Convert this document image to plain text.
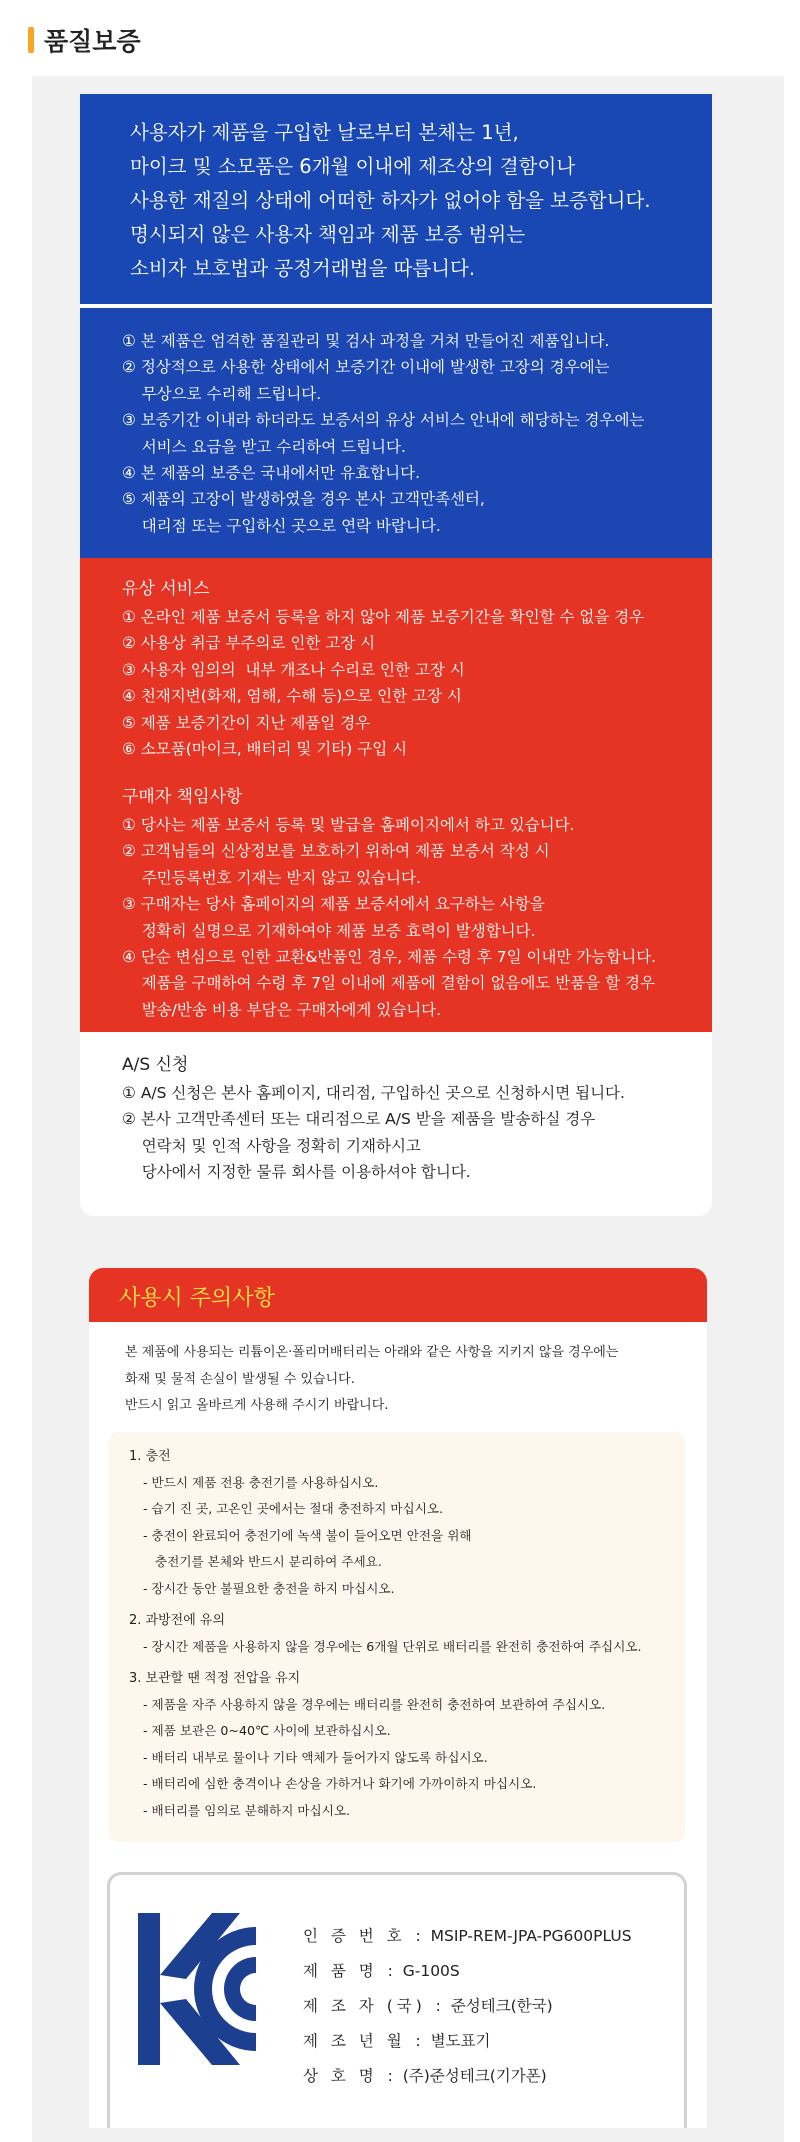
품질보증
사용자가 제품을 구입한 날로부터 본체는 1년,
마이크 및 소모품은 6개월 이내에 제조상의 결함이나
사용한 재질의 상태에 어떠한 하자가 없어야 함을 보증합니다.
명시되지 않은 사용자 책임과 제품 보증 범위는
소비자 보호법과 공정거래법을 따릅니다.
① 본 제품은 엄격한 품질관리 및 검사 과정을 거쳐 만들어진 제품입니다.
② 정상적으로 사용한 상태에서 보증기간 이내에 발생한 고장의 경우에는
무상으로 수리해 드립니다.
③ 보증기간 이내라 하더라도 보증서의 유상 서비스 안내에 해당하는 경우에는
서비스 요금을 받고 수리하여 드립니다.
④ 본 제품의 보증은 국내에서만 유효합니다.
⑤ 제품의 고장이 발생하였을 경우 본사 고객만족센터,
대리점 또는 구입하신 곳으로 연락 바랍니다.
유상 서비스
① 온라인 제품 보증서 등록을 하지 않아 제품 보증기간을 확인할 수 없을 경우
② 사용상 취급 부주의로 인한 고장 시
③ 사용자 임의의  내부 개조나 수리로 인한 고장 시
④ 천재지변(화재, 염해, 수해 등)으로 인한 고장 시
⑤ 제품 보증기간이 지난 제품일 경우
⑥ 소모품(마이크, 배터리 및 기타) 구입 시
구매자 책임사항
① 당사는 제품 보증서 등록 및 발급을 홈페이지에서 하고 있습니다.
② 고객님들의 신상정보를 보호하기 위하여 제품 보증서 작성 시
주민등록번호 기재는 받지 않고 있습니다.
③ 구매자는 당사 홈페이지의 제품 보증서에서 요구하는 사항을
정확히 실명으로 기재하여야 제품 보증 효력이 발생합니다.
④ 단순 변심으로 인한 교환&반품인 경우, 제품 수령 후 7일 이내만 가능합니다.
제품을 구매하여 수령 후 7일 이내에 제품에 결함이 없음에도 반품을 할 경우
발송/반송 비용 부담은 구매자에게 있습니다.
A/S 신청
① A/S 신청은 본사 홈페이지, 대리점, 구입하신 곳으로 신청하시면 됩니다.
② 본사 고객만족센터 또는 대리점으로 A/S 받을 제품을 발송하실 경우
연락처 및 인적 사항을 정확히 기재하시고
당사에서 지정한 물류 회사를 이용하셔야 합니다.
사용시 주의사항
본 제품에 사용되는 리튬이온·폴리머배터리는 아래와 같은 사항을 지키지 않을 경우에는
화재 및 물적 손실이 발생될 수 있습니다.
반드시 읽고 올바르게 사용해 주시기 바랍니다.
1. 충전
- 반드시 제품 전용 충전기를 사용하십시오.
- 습기 진 곳, 고온인 곳에서는 절대 충전하지 마십시오.
- 충전이 완료되어 충전기에 녹색 불이 들어오면 안전을 위해
충전기를 본체와 반드시 분리하여 주세요.
- 장시간 동안 불필요한 충전을 하지 마십시오.
2. 과방전에 유의
- 장시간 제품을 사용하지 않을 경우에는 6개월 단위로 배터리를 완전히 충전하여 주십시오.
3. 보관할 땐 적정 전압을 유지
- 제품을 자주 사용하지 않을 경우에는 배터리를 완전히 충전하여 보관하여 주십시오.
- 제품 보관은 0~40℃ 사이에 보관하십시오.
- 배터리 내부로 물이나 기타 액체가 들어가지 않도록 하십시오.
- 배터리에 심한 충격이나 손상을 가하거나 화기에 가까이하지 마십시오.
- 배터리를 임의로 분해하지 마십시오.
인 증 번 호  :  MSIP-REM-JPA-PG600PLUS
제 품 명  :  G-100S
제 조 자 (국)  :  준성테크(한국)
제 조 년 월  :  별도표기
상 호 명  :  (주)준성테크(기가폰)
